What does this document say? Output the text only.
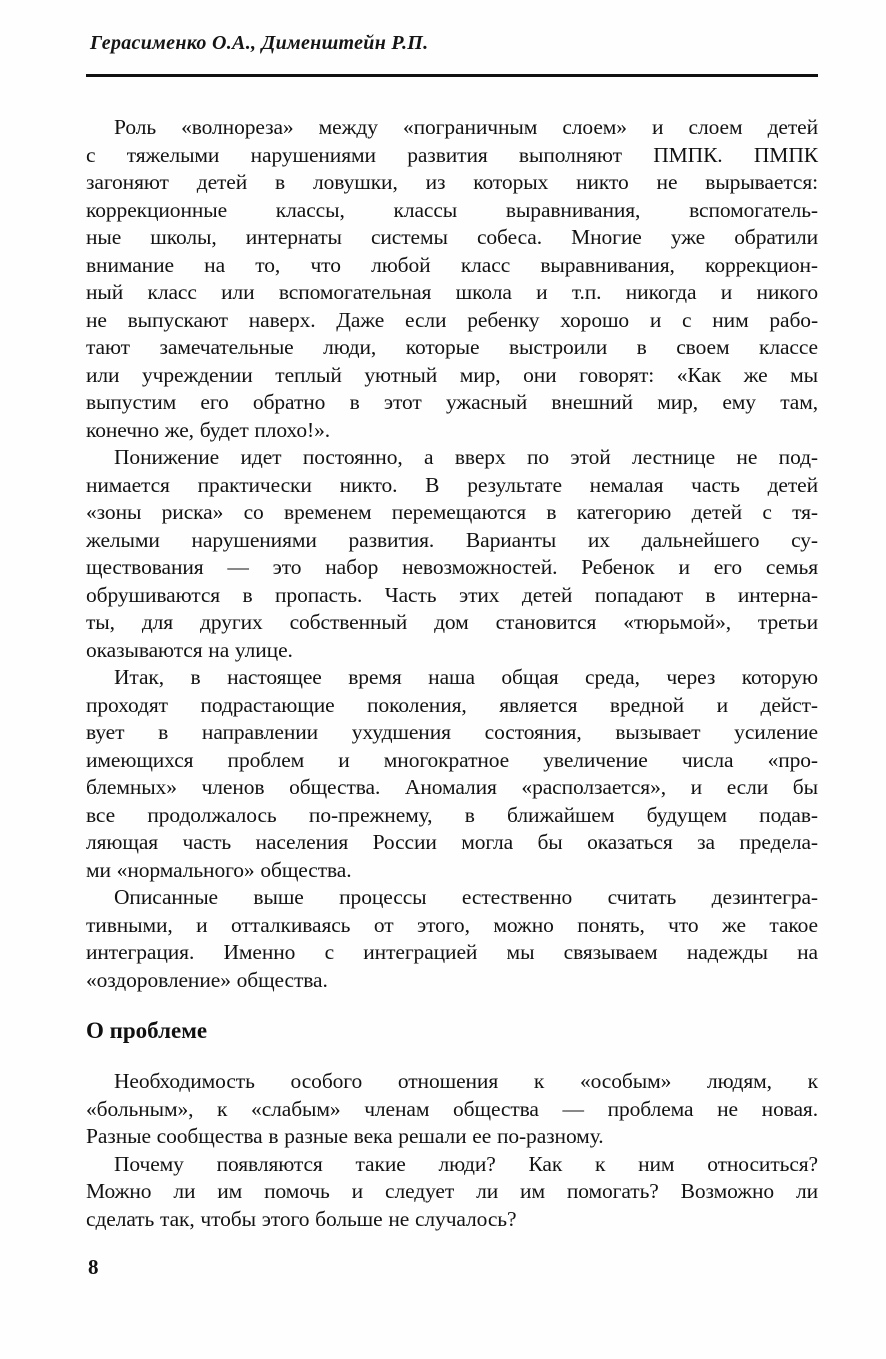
Герасименко О.А., Дименштейн Р.П.

Роль «волнореза» между «пограничным слоем» и слоем детей
с тяжелыми нарушениями развития выполняют ПМПК. ПМПК
загоняют детей в ловушки, из которых никто не вырывается:
коррекционные классы, классы выравнивания, вспомогатель-
ные школы, интернаты системы собеса. Многие уже обратили
внимание на то, что любой класс выравнивания, коррекцион-
ный класс или вспомогательная школа и т.п. никогда и никого
не выпускают наверх. Даже если ребенку хорошо и с ним рабо-
тают замечательные люди, которые выстроили в своем классе
или учреждении теплый уютный мир, они говорят: «Как же мы
выпустим его обратно в этот ужасный внешний мир, ему там,
конечно же, будет плохо!».

Понижение идет постоянно, а вверх по этой лестнице не под-
нимается практически никто. В результате немалая часть детей
«зоны риска» со временем перемещаются в категорию детей с тя-
желыми нарушениями развития. Варианты их дальнейшего су-
ществования — это набор невозможностей. Ребенок и его семья
обрушиваются в пропасть. Часть этих детей попадают в интерна-
ты, для других собственный дом становится «тюрьмой», третьи
оказываются на улице.

Итак, в настоящее время наша общая среда, через которую
проходят подрастающие поколения, является вредной и дейст-
вует в направлении ухудшения состояния, вызывает усиление
имеющихся проблем и многократное увеличение числа «про-
блемных» членов общества. Аномалия «расползается», и если бы
все продолжалось по-прежнему, в ближайшем будущем подав-
ляющая часть населения России могла бы оказаться за предела-
ми «нормального» общества.

Описанные выше процессы естественно считать дезинтегра-
тивными, и отталкиваясь от этого, можно понять, что же такое
интеграция. Именно с интеграцией мы связываем надежды на
«оздоровление» общества.

О проблеме

Необходимость особого отношения к «особым» людям, к
«больным», к «слабым» членам общества — проблема не новая.
Разные сообщества в разные века решали ее по-разному.

Почему появляются такие люди? Как к ним относиться?
Можно ли им помочь и следует ли им помогать? Возможно ли
сделать так, чтобы этого больше не случалось?

8
